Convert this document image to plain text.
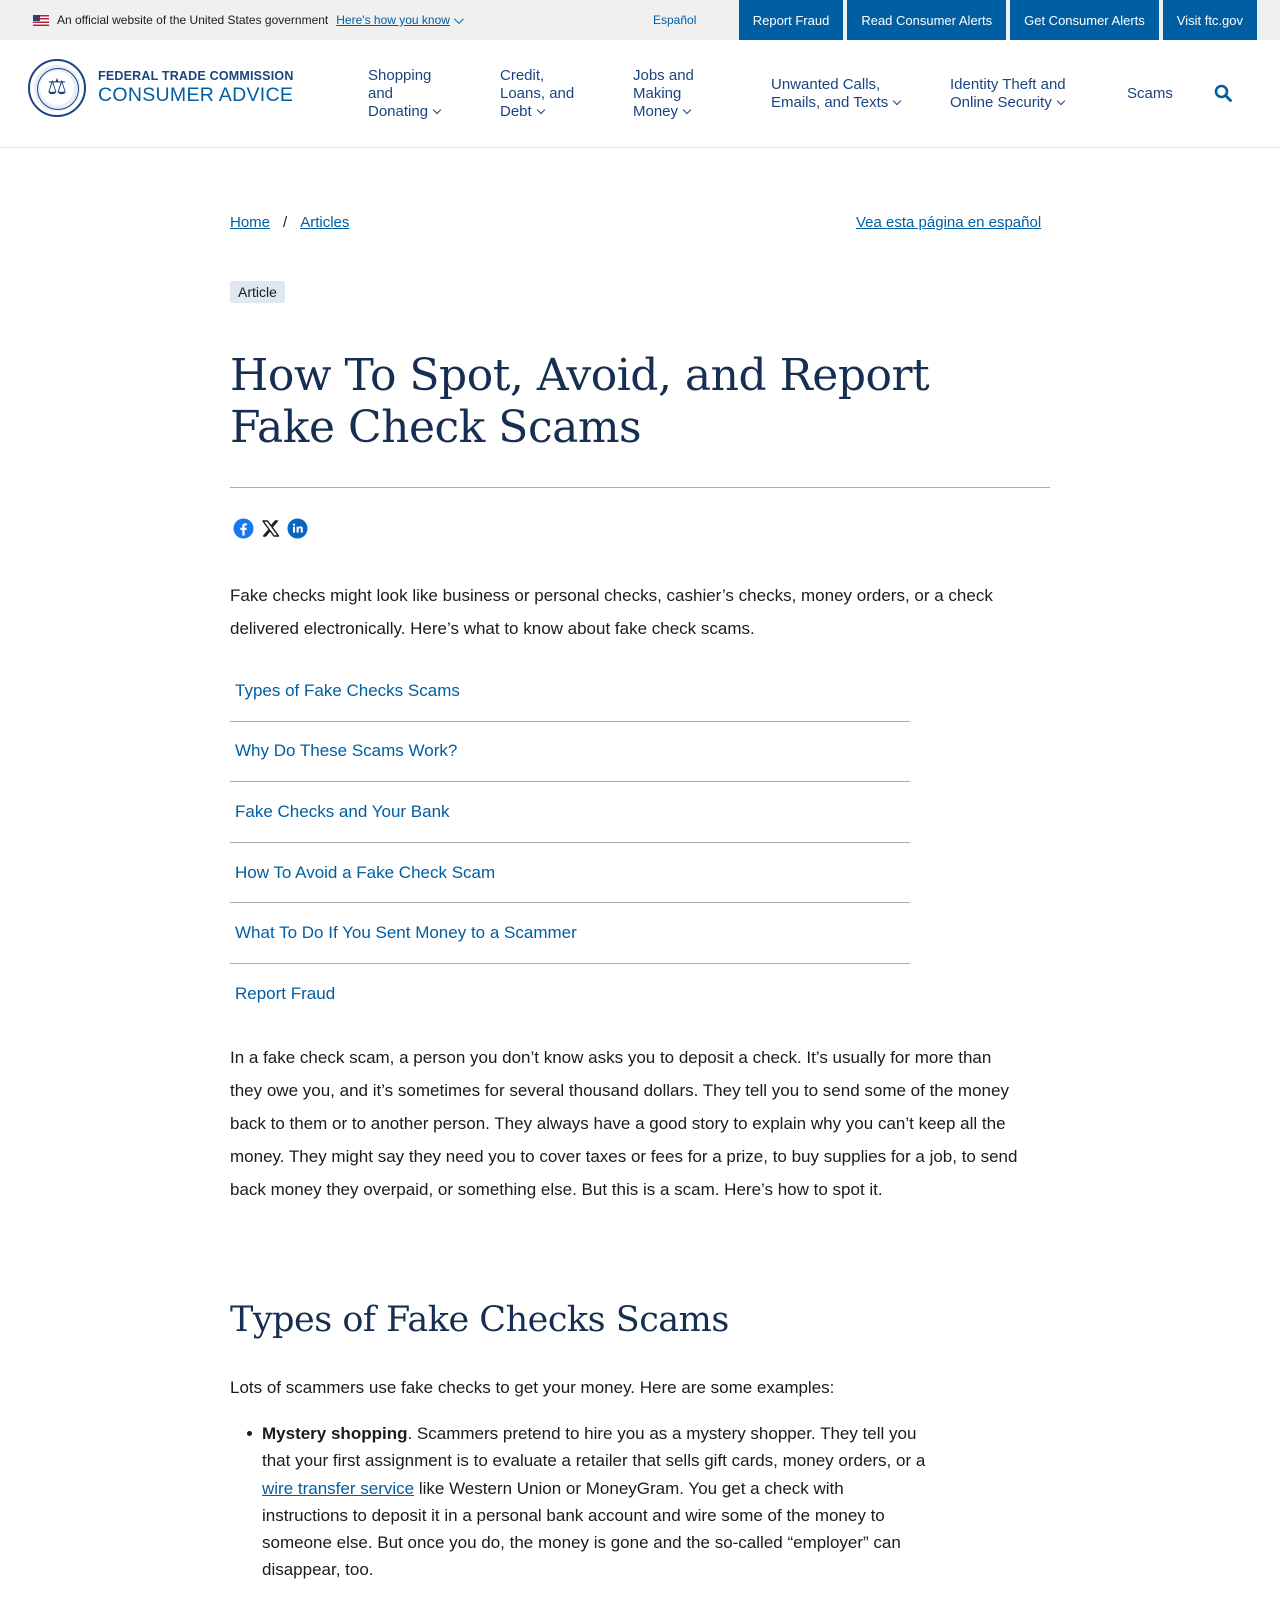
An official website of the United States government Here's how you know	Español	Report Fraud	Read Consumer Alerts	Get Consumer Alerts	Visit ftc.gov
⚖
FEDERAL TRADE COMMISSION
CONSUMER ADVICE
Shopping
and
Donating
Credit,
Loans, and
Debt
Jobs and
Making
Money
Unwanted Calls,
Emails, and Texts
Identity Theft and
Online Security
Scams
Home / Articles	Vea esta página en español
Article
How To Spot, Avoid, and Report Fake Check Scams

Fake checks might look like business or personal checks, cashier’s checks, money orders, or a check delivered electronically. Here’s what to know about fake check scams.

Types of Fake Checks Scams
Why Do These Scams Work?
Fake Checks and Your Bank
How To Avoid a Fake Check Scam
What To Do If You Sent Money to a Scammer
Report Fraud

In a fake check scam, a person you don’t know asks you to deposit a check. It’s usually for more than they owe you, and it’s sometimes for several thousand dollars. They tell you to send some of the money back to them or to another person. They always have a good story to explain why you can’t keep all the money. They might say they need you to cover taxes or fees for a prize, to buy supplies for a job, to send back money they overpaid, or something else. But this is a scam. Here’s how to spot it.

Types of Fake Checks Scams

Lots of scammers use fake checks to get your money. Here are some examples:

Mystery shopping. Scammers pretend to hire you as a mystery shopper. They tell you that your first assignment is to evaluate a retailer that sells gift cards, money orders, or a wire transfer service like Western Union or MoneyGram. You get a check with instructions to deposit it in a personal bank account and wire some of the money to someone else. But once you do, the money is gone and the so-called “employer” can disappear, too.
